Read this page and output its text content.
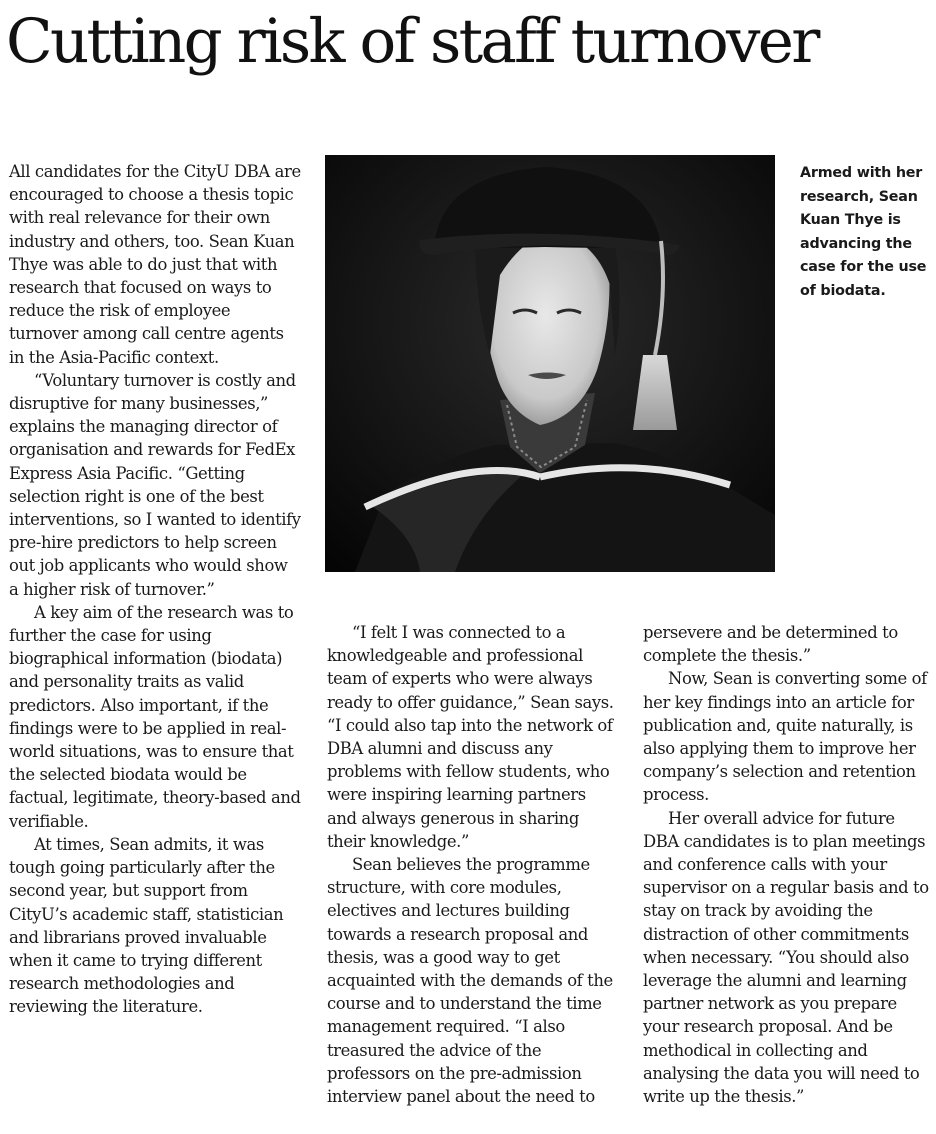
Cutting risk of staff turnover

All candidates for the CityU DBA are encouraged to choose a thesis topic with real relevance for their own industry and others, too. Sean Kuan Thye was able to do just that with research that focused on ways to reduce the risk of employee turnover among call centre agents in the Asia-Pacific context.

“Voluntary turnover is costly and disruptive for many businesses,” explains the managing director of organisation and rewards for FedEx Express Asia Pacific. “Getting selection right is one of the best interventions, so I wanted to identify pre-hire predictors to help screen out job applicants who would show a higher risk of turnover.”

A key aim of the research was to further the case for using biographical information (biodata) and personality traits as valid predictors. Also important, if the findings were to be applied in real-world situations, was to ensure that the selected biodata would be factual, legitimate, theory-based and verifiable.

At times, Sean admits, it was tough going particularly after the second year, but support from CityU’s academic staff, statistician and librarians proved invaluable when it came to trying different research methodologies and reviewing the literature.

Armed with her research, Sean Kuan Thye is advancing the case for the use of biodata.

“I felt I was connected to a knowledgeable and professional team of experts who were always ready to offer guidance,” Sean says. “I could also tap into the network of DBA alumni and discuss any problems with fellow students, who were inspiring learning partners and always generous in sharing their knowledge.”

Sean believes the programme structure, with core modules, electives and lectures building towards a research proposal and thesis, was a good way to get acquainted with the demands of the course and to understand the time management required. “I also treasured the advice of the professors on the pre-admission interview panel about the need to

persevere and be determined to complete the thesis.”

Now, Sean is converting some of her key findings into an article for publication and, quite naturally, is also applying them to improve her company’s selection and retention process.

Her overall advice for future DBA candidates is to plan meetings and conference calls with your supervisor on a regular basis and to stay on track by avoiding the distraction of other commitments when necessary. “You should also leverage the alumni and learning partner network as you prepare your research proposal. And be methodical in collecting and analysing the data you will need to write up the thesis.”
